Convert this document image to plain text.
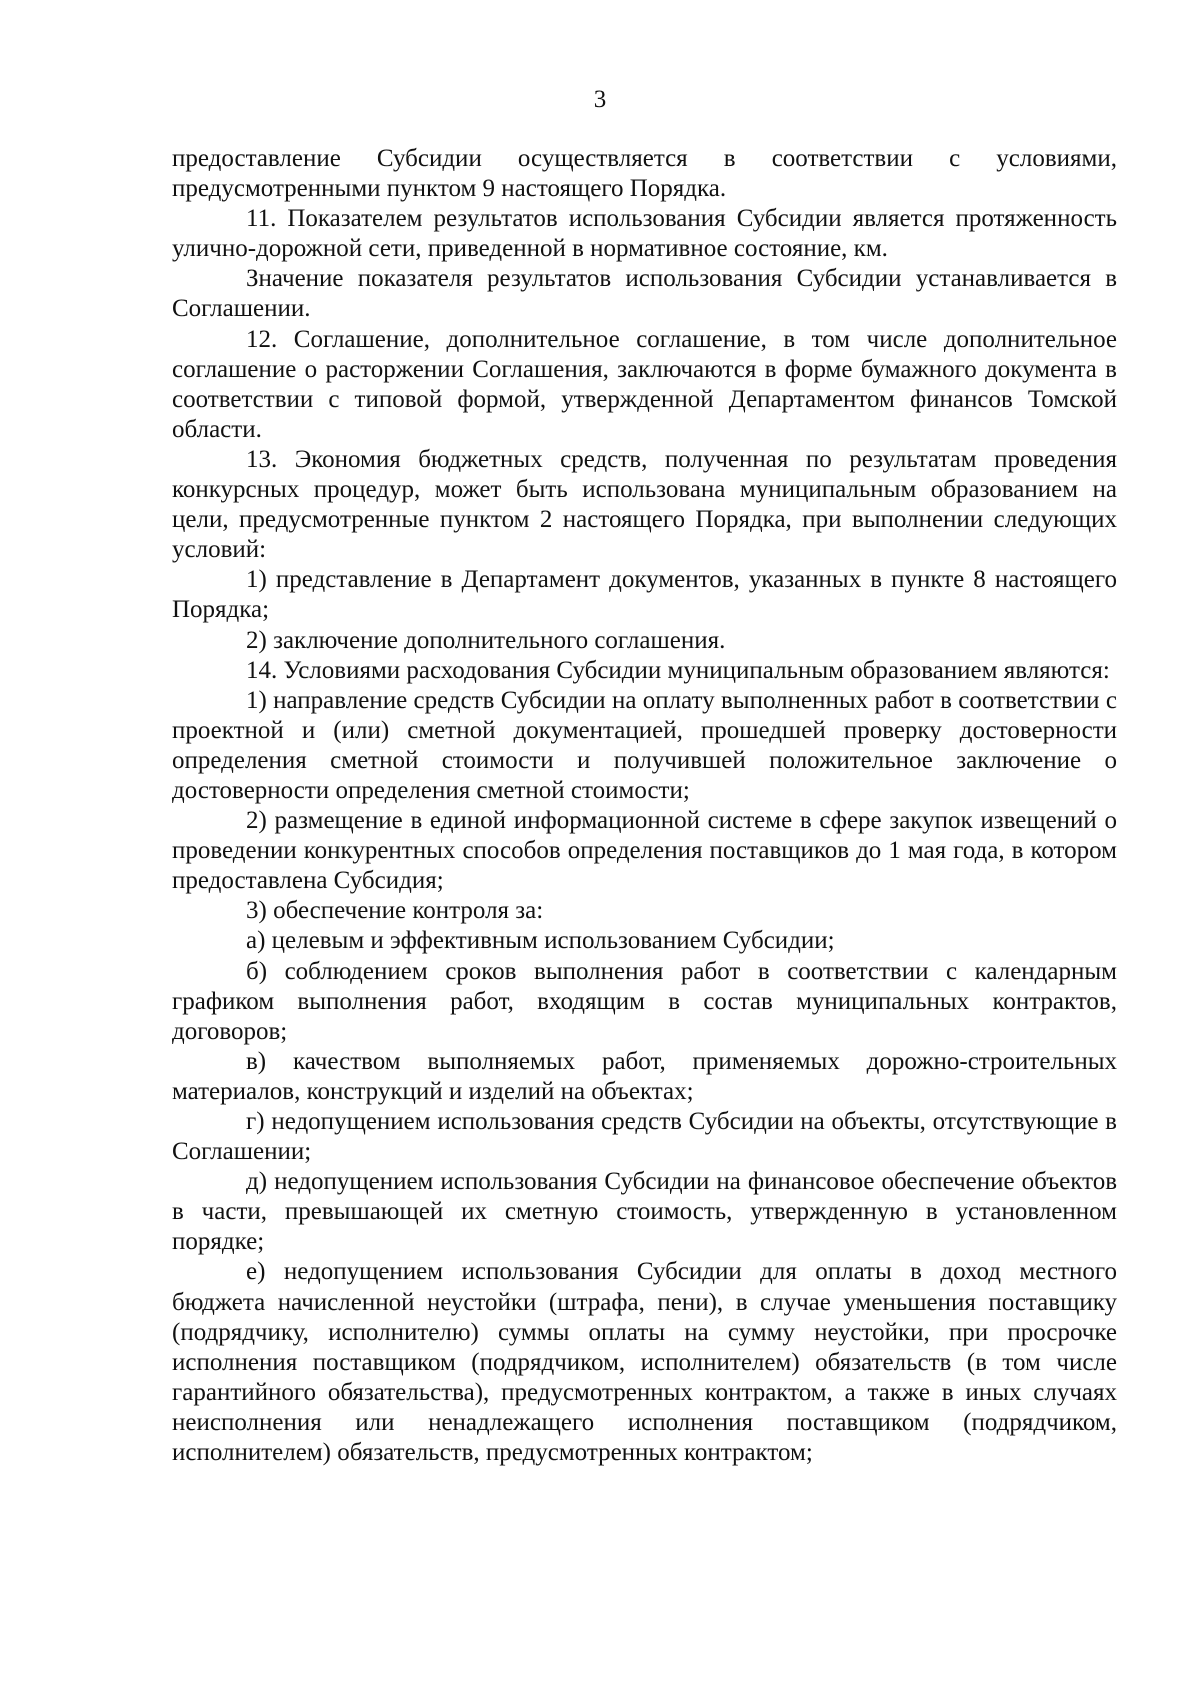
3

предоставление Субсидии осуществляется в соответствии с условиями, предусмотренными пунктом 9 настоящего Порядка.

11. Показателем результатов использования Субсидии является протяженность улично-дорожной сети, приведенной в нормативное состояние, км.

Значение показателя результатов использования Субсидии устанавливается в Соглашении.

12. Соглашение, дополнительное соглашение, в том числе дополнительное соглашение о расторжении Соглашения, заключаются в форме бумажного документа в соответствии с типовой формой, утвержденной Департаментом финансов Томской области.

13. Экономия бюджетных средств, полученная по результатам проведения конкурсных процедур, может быть использована муниципальным образованием на цели, предусмотренные пунктом 2 настоящего Порядка, при выполнении следующих условий:

1) представление в Департамент документов, указанных в пункте 8 настоящего Порядка;

2) заключение дополнительного соглашения.

14. Условиями расходования Субсидии муниципальным образованием являются:

1) направление средств Субсидии на оплату выполненных работ в соответствии с проектной и (или) сметной документацией, прошедшей проверку достоверности определения сметной стоимости и получившей положительное заключение о достоверности определения сметной стоимости;

2) размещение в единой информационной системе в сфере закупок извещений о проведении конкурентных способов определения поставщиков до 1 мая года, в котором предоставлена Субсидия;

3) обеспечение контроля за:

а) целевым и эффективным использованием Субсидии;

б) соблюдением сроков выполнения работ в соответствии с календарным графиком выполнения работ, входящим в состав муниципальных контрактов, договоров;

в) качеством выполняемых работ, применяемых дорожно-строительных материалов, конструкций и изделий на объектах;

г) недопущением использования средств Субсидии на объекты, отсутствующие в Соглашении;

д) недопущением использования Субсидии на финансовое обеспечение объектов в части, превышающей их сметную стоимость, утвержденную в установленном порядке;

е) недопущением использования Субсидии для оплаты в доход местного бюджета начисленной неустойки (штрафа, пени), в случае уменьшения поставщику (подрядчику, исполнителю) суммы оплаты на сумму неустойки, при просрочке исполнения поставщиком (подрядчиком, исполнителем) обязательств (в том числе гарантийного обязательства), предусмотренных контрактом, а также в иных случаях неисполнения или ненадлежащего исполнения поставщиком (подрядчиком, исполнителем) обязательств, предусмотренных контрактом;
